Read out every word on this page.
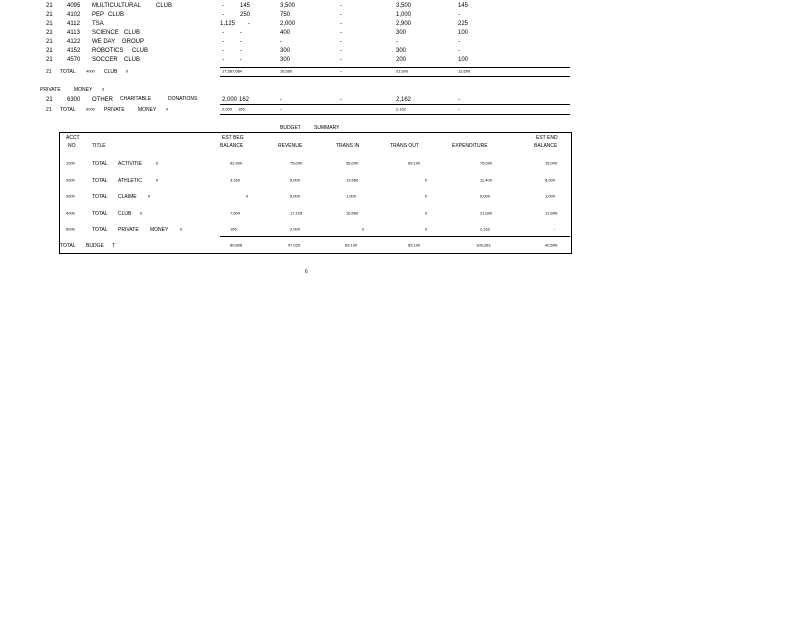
21 4095 MULTICULTURAL	CLUB	-	145	3,500	-	3,500	145
21 4102 PEP CLUB	-	250	750	-	1,000	-
21 4112 TSA	1,125 -	2,000	-	2,900	225
21 4113 SCIENCE CLUB	-	-	400	-	300	100
21 4122 WE DAY GROUP	-	-	-	-	-	-
21 4152 ROBOTICS CLUB	-	-	300	-	300	-
21 4570 SOCCER CLUB	-	-	300	-	200	100
21 TOTAL	4000 CLUB 0	17,587,684	16,560	-	21,600	12,699
PRIVATE	MONEY 0
21 6300 OTHER CHARITABLE	DONATIONS	2,000 162	-	-	2,162	-
21 TOTAL	6000 PRIVATE	MONEY 0	2,000 165	-	2,162	-
BUDGET	SUMMARY
ACCT
NO	TITLE
EST BEG
BALANCE	REVENUE	TRANS IN	TRANS OUT	EXPENDITURE
EST END
BALANCE
1000	TOTAL ACTIVITIE	0	62,400	75,000	35,000	69,100	75,000	15,000
2000	TOTAL ATHLETIC	0	3,160	5,000	13,560	0	11,400	8,000
3000	TOTAL CLAIME	0	0	5,000	1,000	0	5,000	1,000
4000	TOTAL CLUB 0	7,504	17,105	16,560	0	21,600	12,699
6000	TOTAL PRIVATE MONEY	0	165	2,000	0	0	2,162	-
TOTAL BUDGE T	80,808	97,025	69,100	69,100	108,263	40,699
6
